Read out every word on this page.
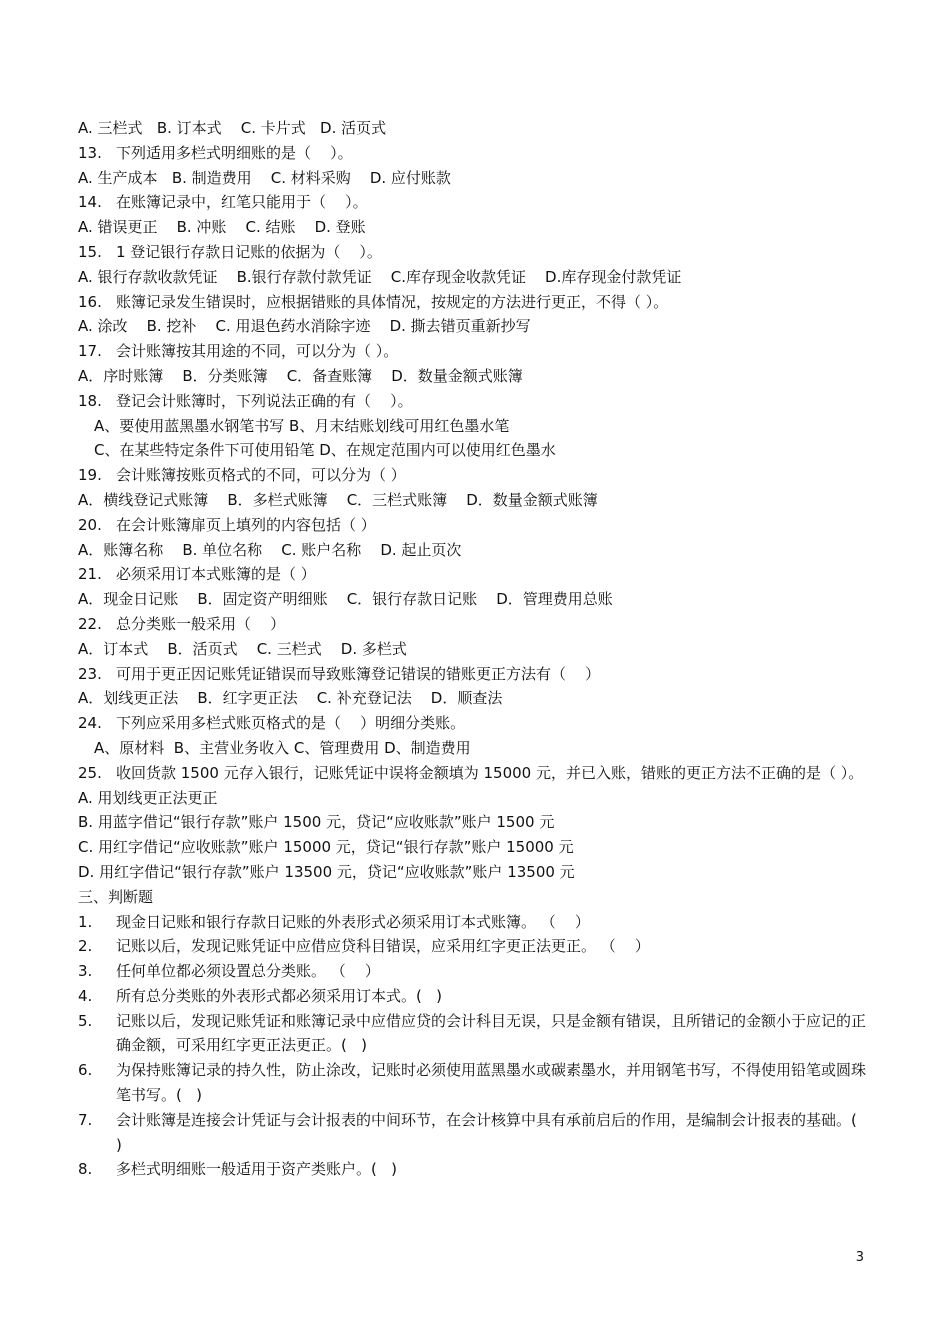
A. 三栏式   B. 订本式    C. 卡片式   D. 活页式
13. 下列适用多栏式明细账的是（    ）。
A. 生产成本   B. 制造费用    C. 材料采购    D. 应付账款
14. 在账簿记录中，红笔只能用于（    ）。
A. 错误更正    B. 冲账    C. 结账    D. 登账
15. 1 登记银行存款日记账的依据为（    ）。
A. 银行存款收款凭证    B.银行存款付款凭证    C.库存现金收款凭证    D.库存现金付款凭证
16. 账簿记录发生错误时，应根据错账的具体情况，按规定的方法进行更正，不得（ ）。
A. 涂改    B. 挖补    C. 用退色药水消除字迹    D. 撕去错页重新抄写
17. 会计账簿按其用途的不同，可以分为（ ）。
A．序时账簿    B．分类账簿    C．备查账簿    D．数量金额式账簿
18. 登记会计账簿时，下列说法正确的有（    ）。
A、要使用蓝黑墨水钢笔书写 B、月末结账划线可用红色墨水笔
C、在某些特定条件下可使用铅笔 D、在规定范围内可以使用红色墨水
19. 会计账簿按账页格式的不同，可以分为（ ）
A．横线登记式账簿    B．多栏式账簿    C．三栏式账簿    D．数量金额式账簿
20. 在会计账簿扉页上填列的内容包括（ ）
A．账簿名称    B. 单位名称    C. 账户名称    D. 起止页次
21. 必须采用订本式账簿的是（ ）
A．现金日记账    B．固定资产明细账    C．银行存款日记账    D．管理费用总账
22. 总分类账一般采用（    ）
A．订本式    B．活页式    C. 三栏式    D. 多栏式
23. 可用于更正因记账凭证错误而导致账簿登记错误的错账更正方法有（    ）
A．划线更正法    B．红字更正法    C. 补充登记法    D．顺查法
24. 下列应采用多栏式账页格式的是（    ）明细分类账。
A、原材料  B、主营业务收入 C、管理费用 D、制造费用
25. 收回货款 1500 元存入银行，记账凭证中误将金额填为 15000 元，并已入账，错账的更正方法不正确的是（ ）。
A. 用划线更正法更正
B. 用蓝字借记“银行存款”账户 1500 元，贷记“应收账款”账户 1500 元
C. 用红字借记“应收账款”账户 15000 元，贷记“银行存款”账户 15000 元
D. 用红字借记“银行存款”账户 13500 元，贷记“应收账款”账户 13500 元
三、判断题
1.	现金日记账和银行存款日记账的外表形式必须采用订本式账簿。 （    ）
2.	记账以后，发现记账凭证中应借应贷科目错误，应采用红字更正法更正。 （    ）
3.	任何单位都必须设置总分类账。 （    ）
4.	所有总分类账的外表形式都必须采用订本式。(   )
5.	记账以后，发现记账凭证和账簿记录中应借应贷的会计科目无误，只是金额有错误，且所错记的金额小于应记的正确金额，可采用红字更正法更正。(   )
6.	为保持账簿记录的持久性，防止涂改，记账时必须使用蓝黑墨水或碳素墨水，并用钢笔书写，不得使用铅笔或圆珠笔书写。(   )
7.	会计账簿是连接会计凭证与会计报表的中间环节，在会计核算中具有承前启后的作用，是编制会计报表的基础。(   )
8.	多栏式明细账一般适用于资产类账户。(   )
3
